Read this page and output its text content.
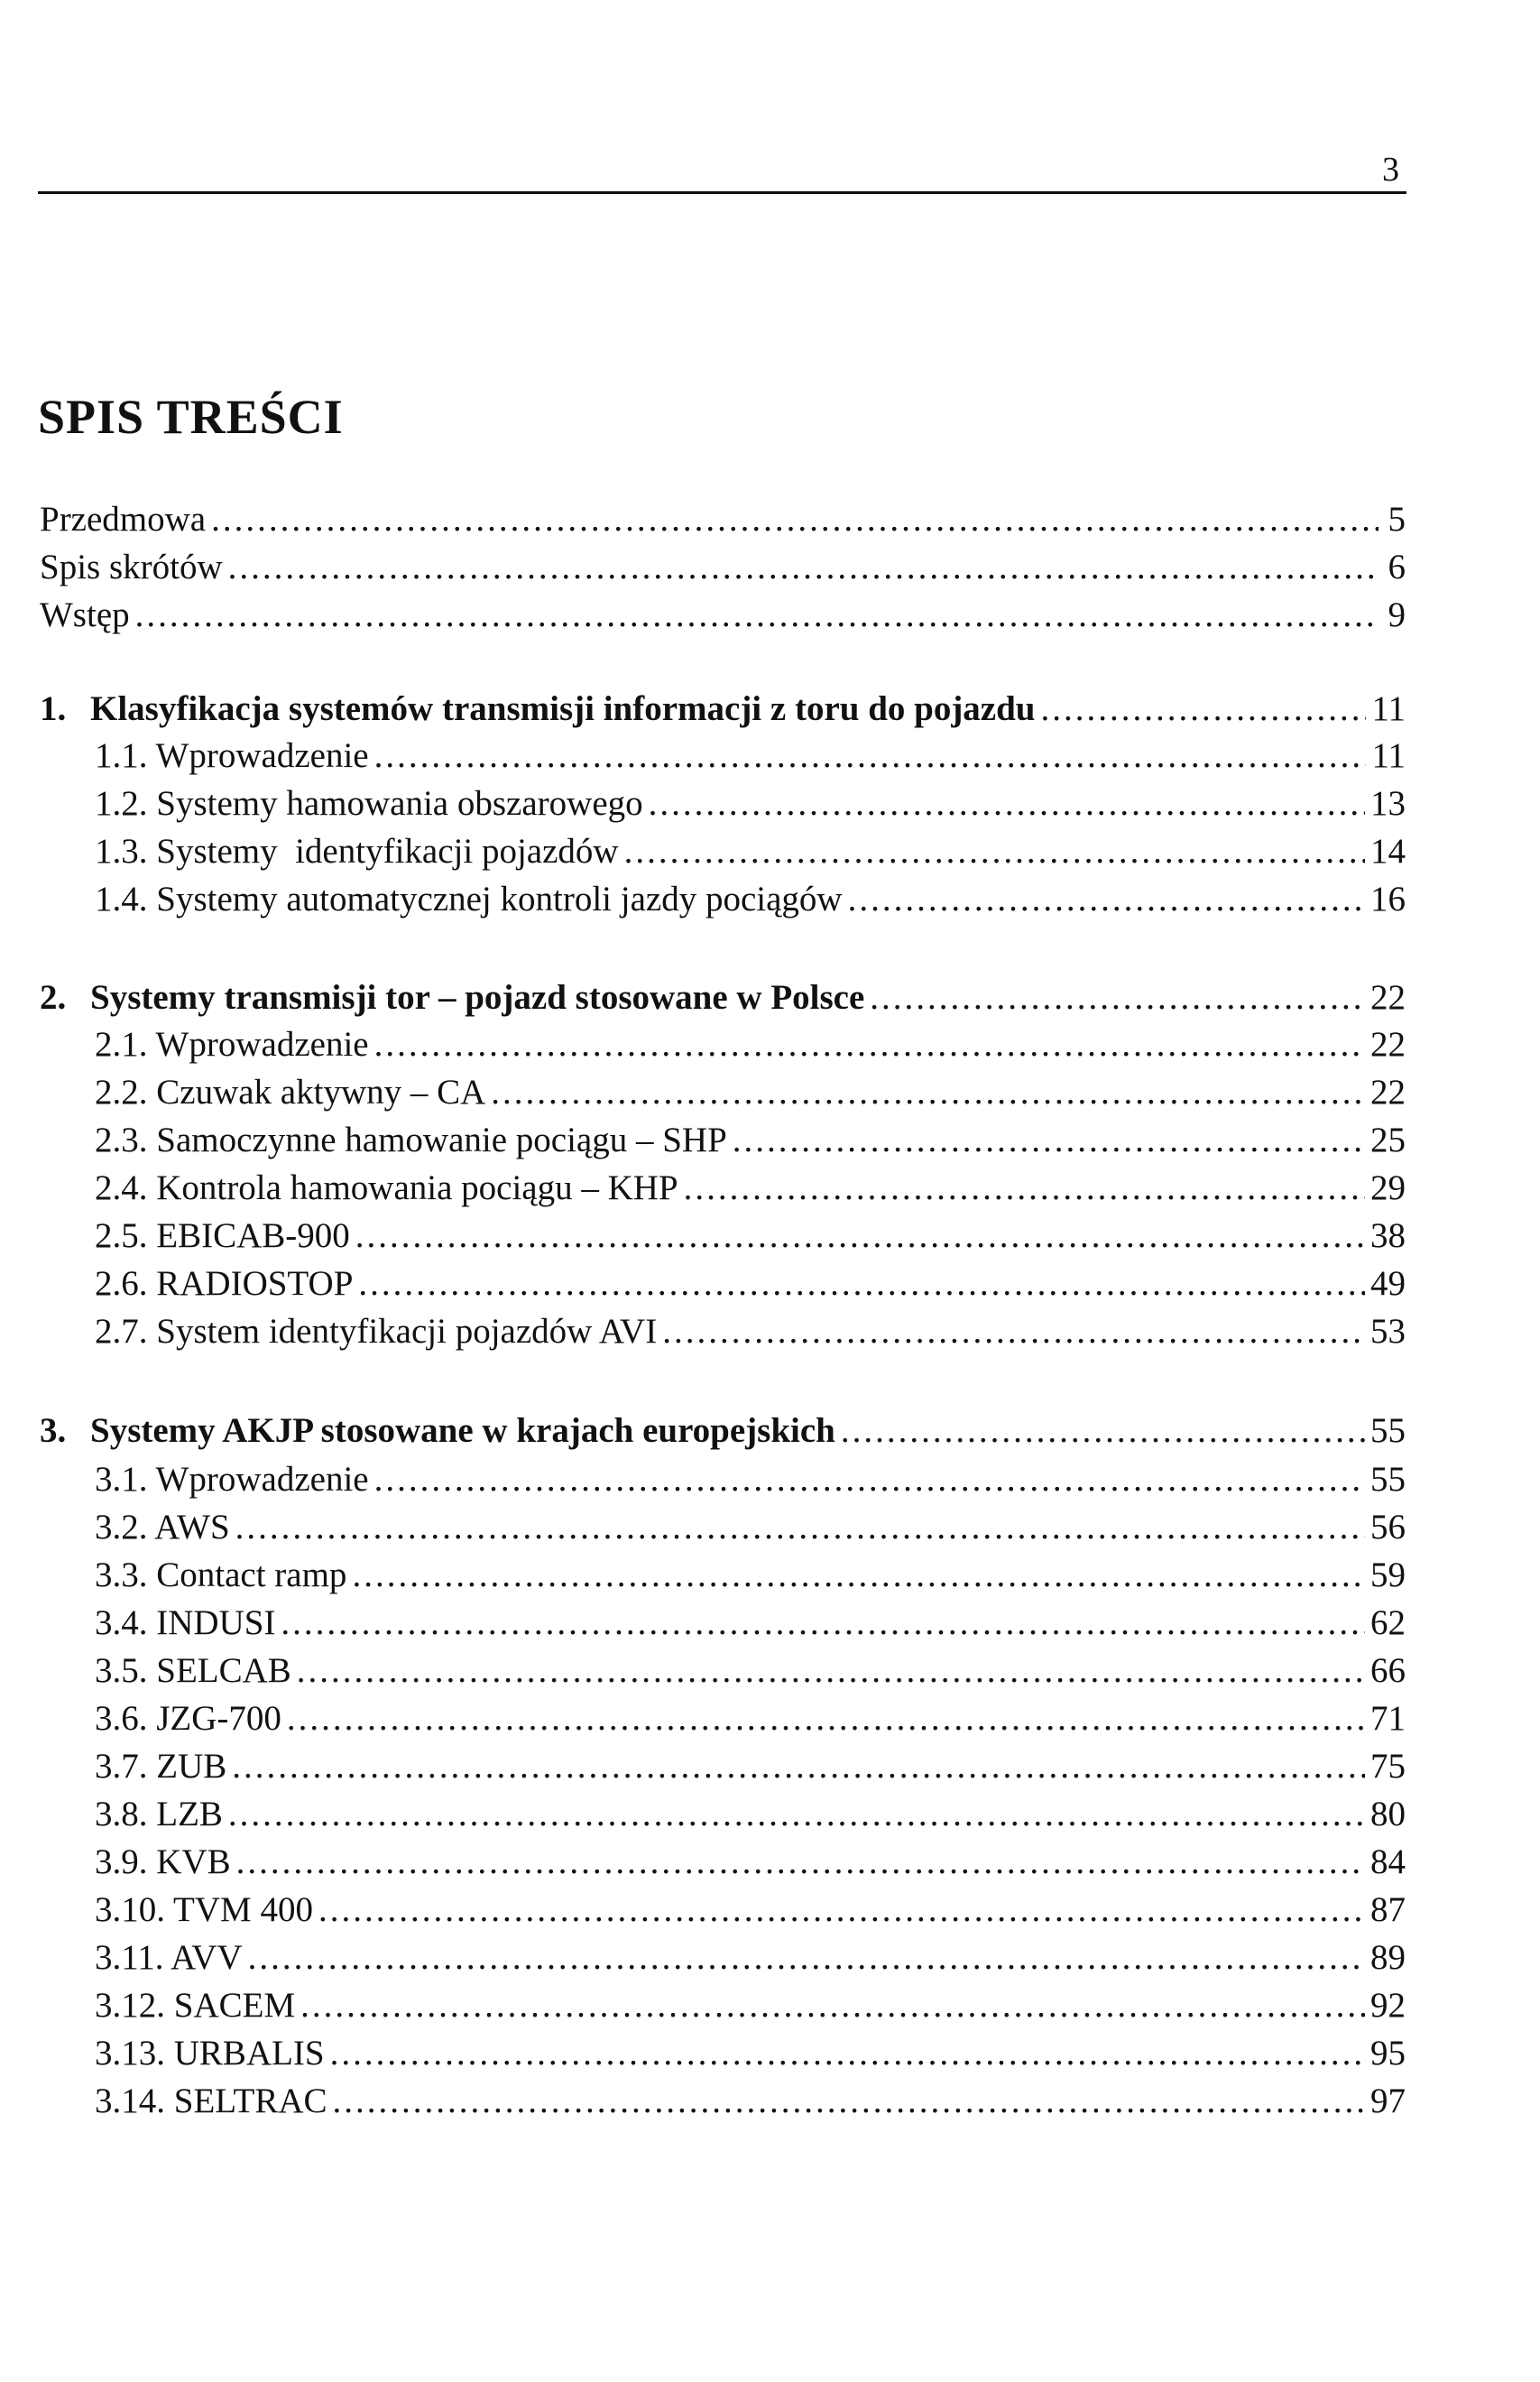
3
SPIS TREŚCI
Przedmowa .....	5
Spis skrótów .....	6
Wstęp .....	9
1. Klasyfikacja systemów transmisji informacji z toru do pojazdu .....	11
1.1. Wprowadzenie .....	11
1.2. Systemy hamowania obszarowego .....	13
1.3. Systemy  identyfikacji pojazdów .....	14
1.4. Systemy automatycznej kontroli jazdy pociągów .....	16
2. Systemy transmisji tor – pojazd stosowane w Polsce .....	22
2.1. Wprowadzenie .....	22
2.2. Czuwak aktywny – CA .....	22
2.3. Samoczynne hamowanie pociągu – SHP .....	25
2.4. Kontrola hamowania pociągu – KHP .....	29
2.5. EBICAB-900 .....	38
2.6. RADIOSTOP .....	49
2.7. System identyfikacji pojazdów AVI .....	53
3. Systemy AKJP stosowane w krajach europejskich .....	55
3.1. Wprowadzenie .....	55
3.2. AWS .....	56
3.3. Contact ramp .....	59
3.4. INDUSI .....	62
3.5. SELCAB .....	66
3.6. JZG-700 .....	71
3.7. ZUB .....	75
3.8. LZB .....	80
3.9. KVB .....	84
3.10. TVM 400 .....	87
3.11. AVV .....	89
3.12. SACEM .....	92
3.13. URBALIS .....	95
3.14. SELTRAC .....	97
